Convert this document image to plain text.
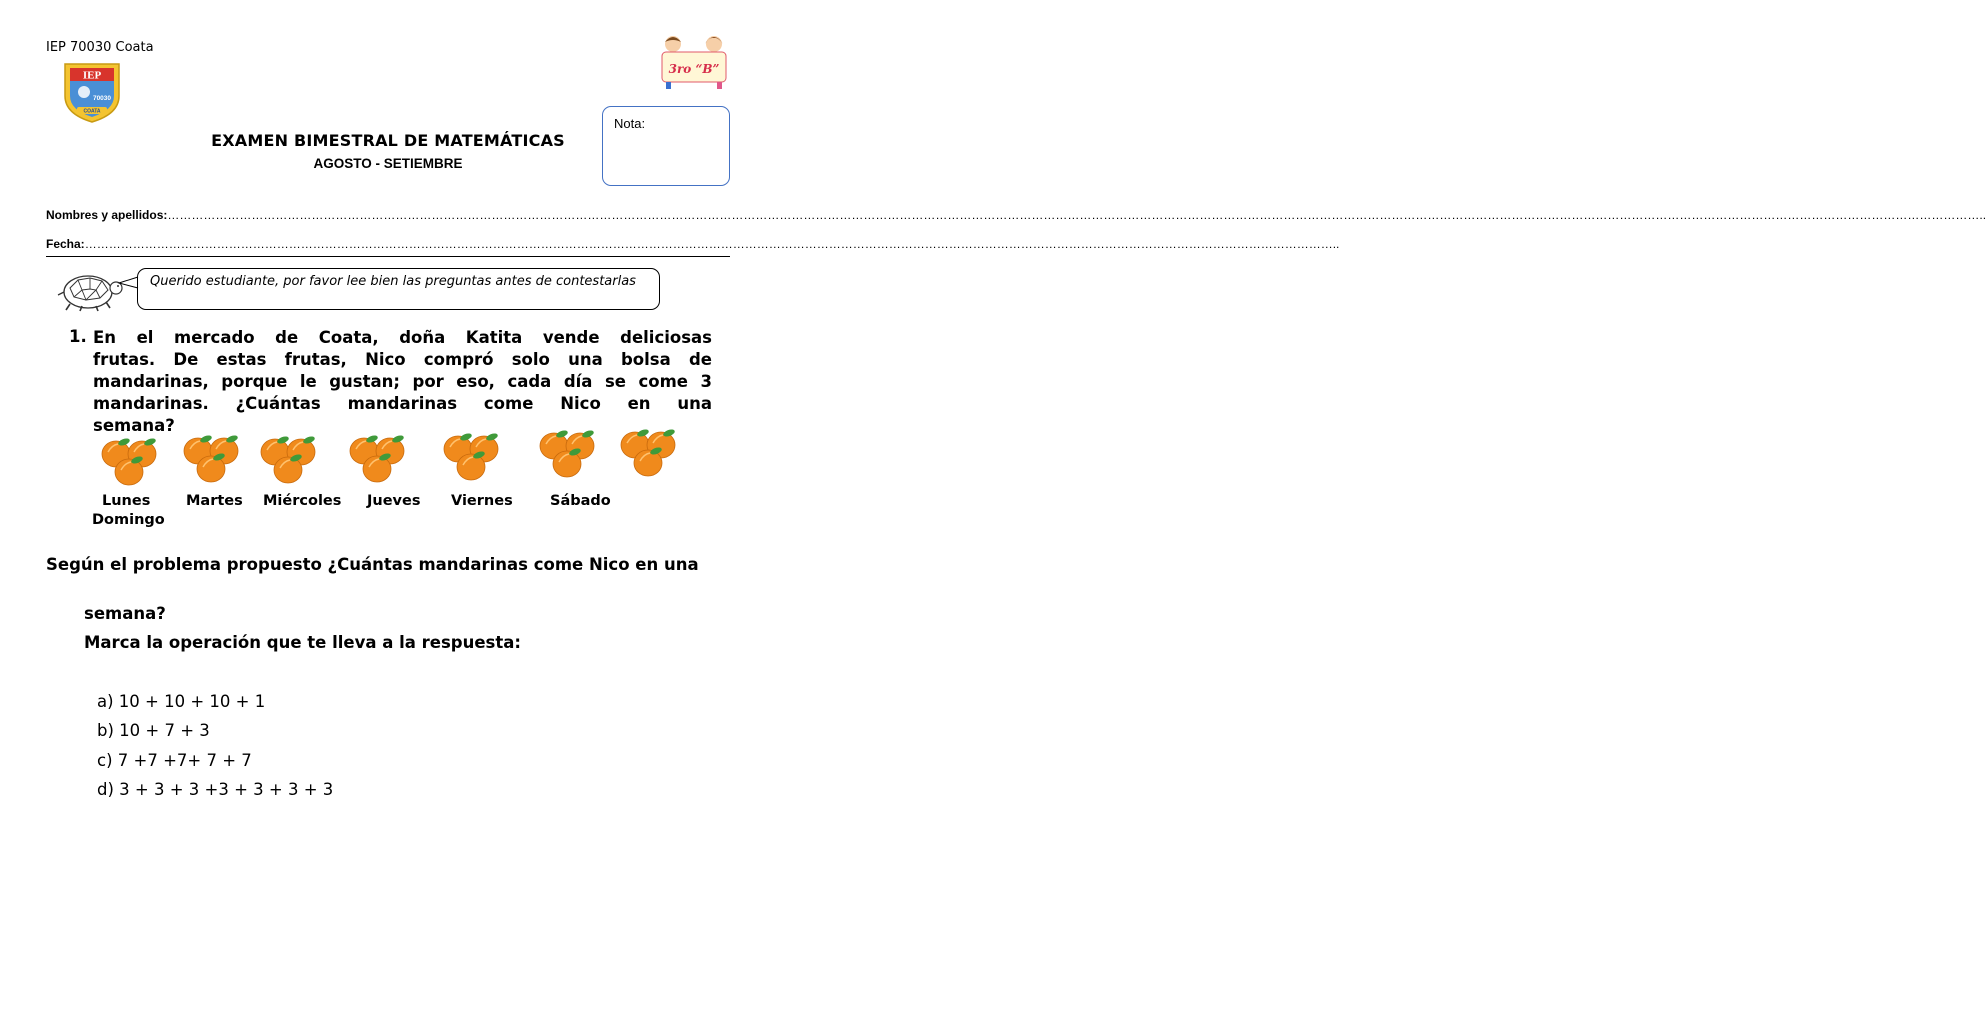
IEP 70030 Coata
IEP
70030
COATA
3ro “B”
Nota:
EXAMEN BIMESTRAL DE MATEMÁTICAS
AGOSTO - SETIEMBRE
Nombres y apellidos:…………………………………………………………………………………………………………………………………………………………………………………………………………………………………………………………………………………………………………………………………………………………………………………………………………………..
Fecha:……………………………………………………………………………………………………………………………………………………………………………………………………………………………………………………………………………………..
Querido estudiante, por favor lee bien las preguntas antes de contestarlas
1. En el mercado de Coata, doña Katita vende deliciosas
frutas. De estas frutas, Nico compró solo una bolsa de
mandarinas, porque le gustan; por eso, cada día se come 3
mandarinas. ¿Cuántas mandarinas come Nico en una
semana?
Lunes Martes Miércoles Jueves Viernes	Sábado
Domingo
Según el problema propuesto ¿Cuántas mandarinas come Nico en una
semana?
Marca la operación que te lleva a la respuesta:
a) 10 + 10 + 10 + 1
b) 10 + 7 + 3
c) 7 +7 +7+ 7 + 7
d) 3 + 3 + 3 +3 + 3 + 3 + 3
